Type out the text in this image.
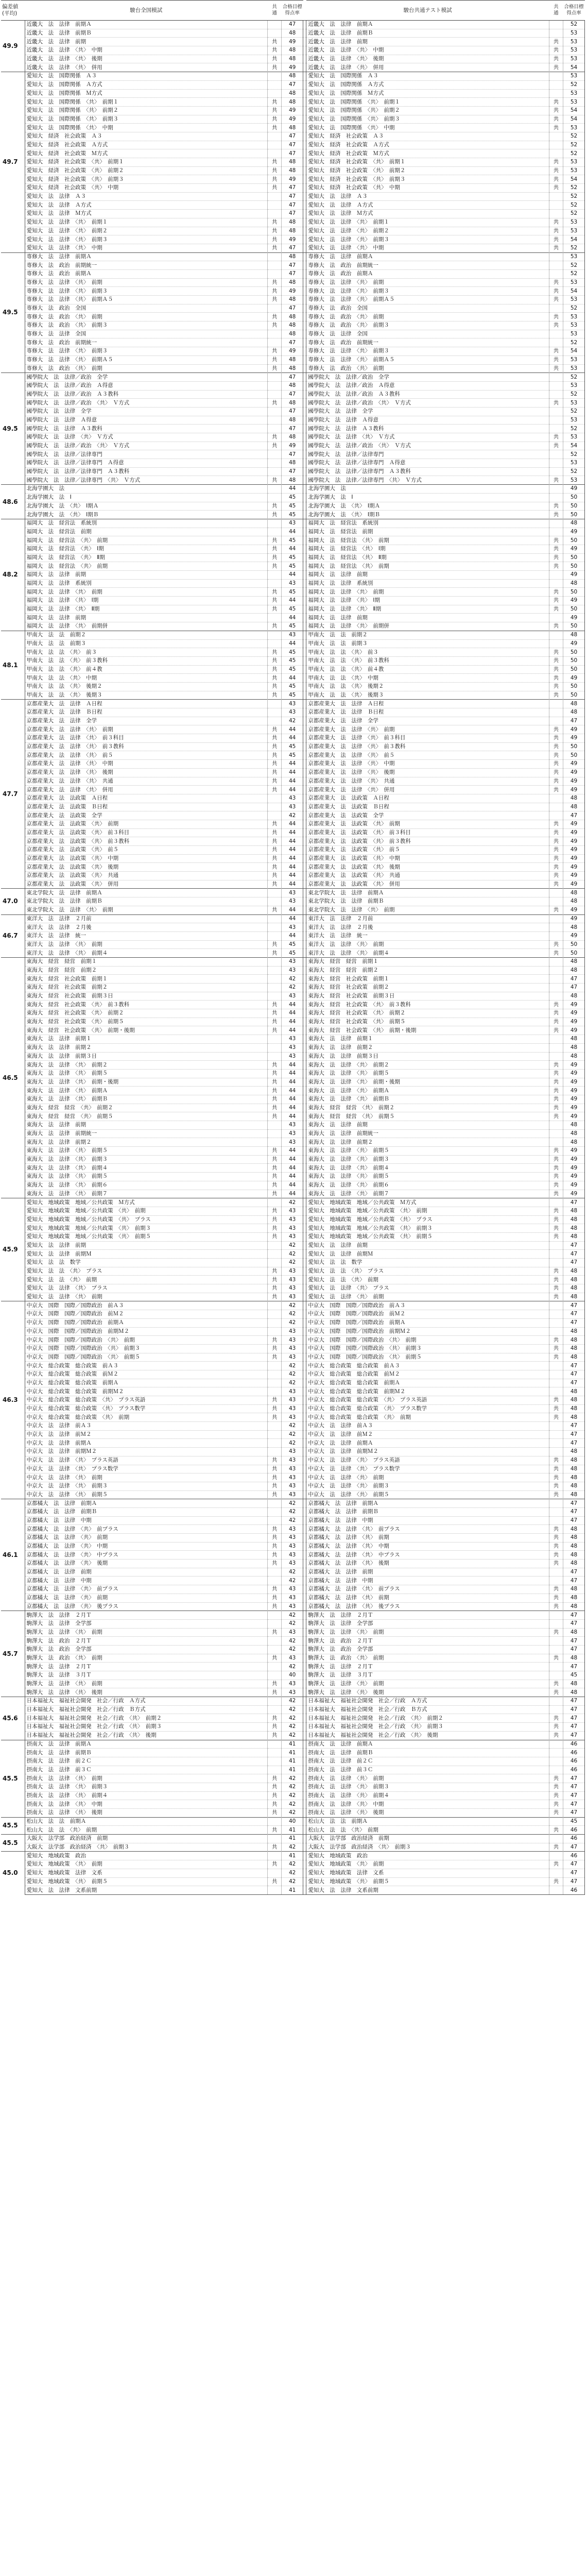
偏差値
(平均)	駿台全国模試	共
通	合格目標
得点率		駿台共通テスト模試	共
通	合格目標
得点率
49.9	近畿大　法　法律　前期Ａ		47		近畿大　法　法律　前期Ａ		52
	近畿大　法　法律　前期Ｂ		48		近畿大　法　法律　前期Ｂ		53
	近畿大　法　法律　前期	共	49		近畿大　法　法律　前期	共	53
	近畿大　法　法律　〈共〉　中期	共	48		近畿大　法　法律　〈共〉　中期	共	53
	近畿大　法　法律　〈共〉　後期	共	48		近畿大　法　法律　〈共〉　後期	共	53
	近畿大　法　法律　〈共〉　併用	共	49		近畿大　法　法律　〈共〉　併用	共	54
49.7	愛知大　法　国際関係　Ａ３		48		愛知大　法　国際関係　Ａ３		53
	愛知大　法　国際関係　Ａ方式		47		愛知大　法　国際関係　Ａ方式		52
	愛知大　法　国際関係　Ｍ方式		48		愛知大　法　国際関係　Ｍ方式		53
	愛知大　法　国際関係　〈共〉　前期１	共	48		愛知大　法　国際関係　〈共〉　前期１	共	53
	愛知大　法　国際関係　〈共〉　前期２	共	49		愛知大　法　国際関係　〈共〉　前期２	共	54
	愛知大　法　国際関係　〈共〉　前期３	共	49		愛知大　法　国際関係　〈共〉　前期３	共	54
	愛知大　法　国際関係　〈共〉　中期	共	48		愛知大　法　国際関係　〈共〉　中期	共	53
	愛知大　経済　社会政策　Ａ３		47		愛知大　経済　社会政策　Ａ３		52
	愛知大　経済　社会政策　Ａ方式		47		愛知大　経済　社会政策　Ａ方式		52
	愛知大　経済　社会政策　Ｍ方式		47		愛知大　経済　社会政策　Ｍ方式		52
	愛知大　経済　社会政策　〈共〉　前期１	共	48		愛知大　経済　社会政策　〈共〉　前期１	共	53
	愛知大　経済　社会政策　〈共〉　前期２	共	48		愛知大　経済　社会政策　〈共〉　前期２	共	53
	愛知大　経済　社会政策　〈共〉　前期３	共	49		愛知大　経済　社会政策　〈共〉　前期３	共	54
	愛知大　経済　社会政策　〈共〉　中期	共	47		愛知大　経済　社会政策　〈共〉　中期	共	52
	愛知大　法　法律　Ａ３		47		愛知大　法　法律　Ａ３		52
	愛知大　法　法律　Ａ方式		47		愛知大　法　法律　Ａ方式		52
	愛知大　法　法律　Ｍ方式		47		愛知大　法　法律　Ｍ方式		52
	愛知大　法　法律　〈共〉　前期１	共	48		愛知大　法　法律　〈共〉　前期１	共	53
	愛知大　法　法律　〈共〉　前期２	共	48		愛知大　法　法律　〈共〉　前期２	共	53
	愛知大　法　法律　〈共〉　前期３	共	49		愛知大　法　法律　〈共〉　前期３	共	54
	愛知大　法　法律　〈共〉　中期	共	47		愛知大　法　法律　〈共〉　中期	共	52
49.5	専修大　法　法律　前期Ａ		48		専修大　法　法律　前期Ａ		53
	専修大　法　政治　前期統一		47		専修大　法　政治　前期統一		52
	専修大　法　政治　前期Ａ		47		専修大　法　政治　前期Ａ		52
	専修大　法　法律　〈共〉　前期	共	48		専修大　法　法律　〈共〉　前期	共	53
	専修大　法　法律　〈共〉　前期３	共	49		専修大　法　法律　〈共〉　前期３	共	54
	専修大　法　法律　〈共〉　前期Ａ５	共	48		専修大　法　法律　〈共〉　前期Ａ５	共	53
	専修大　法　政治　全国		47		専修大　法　政治　全国		52
	専修大　法　政治　〈共〉　前期	共	48		専修大　法　政治　〈共〉　前期	共	53
	専修大　法　政治　〈共〉　前期３	共	48		専修大　法　政治　〈共〉　前期３	共	53
	専修大　法　法律　全国		48		専修大　法　法律　全国		53
	専修大　法　政治　前期統一		47		専修大　法　政治　前期統一		52
	専修大　法　法律　〈共〉　前期３	共	49		専修大　法　法律　〈共〉　前期３	共	54
	専修大　法　法律　〈共〉　前期Ａ５	共	48		専修大　法　法律　〈共〉　前期Ａ５	共	53
	専修大　法　政治　〈共〉　前期	共	48		専修大　法　政治　〈共〉　前期	共	53
49.5	國學院大　法　法律／政治　全学		47		國學院大　法　法律／政治　全学		52
	國學院大　法　法律／政治　Ａ得意		48		國學院大　法　法律／政治　Ａ得意		53
	國學院大　法　法律／政治　Ａ３教科		47		國學院大　法　法律／政治　Ａ３教科		52
	國學院大　法　法律／政治　〈共〉　Ｖ方式	共	48		國學院大　法　法律／政治　〈共〉　Ｖ方式	共	53
	國學院大　法　法律　全学		47		國學院大　法　法律　全学		52
	國學院大　法　法律　Ａ得意		48		國學院大　法　法律　Ａ得意		53
	國學院大　法　法律　Ａ３教科		47		國學院大　法　法律　Ａ３教科		52
	國學院大　法　法律　〈共〉　Ｖ方式	共	48		國學院大　法　法律　〈共〉　Ｖ方式	共	53
	國學院大　法　法律／政治　〈共〉　Ｖ方式	共	49		國學院大　法　法律／政治　〈共〉　Ｖ方式	共	54
	國學院大　法　法律／法律専門		47		國學院大　法　法律／法律専門		52
	國學院大　法　法律／法律専門　Ａ得意		48		國學院大　法　法律／法律専門　Ａ得意		53
	國學院大　法　法律／法律専門　Ａ３教科		47		國學院大　法　法律／法律専門　Ａ３教科		52
	國學院大　法　法律／法律専門　〈共〉　Ｖ方式	共	48		國學院大　法　法律／法律専門　〈共〉　Ｖ方式	共	53
48.6	北海学園大　法		44		北海学園大　法		49
	北海学園大　法　Ⅰ		45		北海学園大　法　Ⅰ		50
	北海学園大　法　〈共〉　Ⅰ期Ａ	共	45		北海学園大　法　〈共〉　Ⅰ期Ａ	共	50
	北海学園大　法　〈共〉　Ⅰ期Ｂ	共	45		北海学園大　法　〈共〉　Ⅰ期Ｂ	共	50
48.2	福岡大　法　経営法　系統別		43		福岡大　法　経営法　系統別		48
	福岡大　法　経営法　前期		44		福岡大　法　経営法　前期		49
	福岡大　法　経営法　〈共〉　前期	共	45		福岡大　法　経営法　〈共〉　前期	共	50
	福岡大　法　経営法　〈共〉　Ⅰ期	共	44		福岡大　法　経営法　〈共〉　Ⅰ期	共	49
	福岡大　法　経営法　〈共〉　Ⅱ期	共	45		福岡大　法　経営法　〈共〉　Ⅱ期	共	50
	福岡大　法　経営法　〈共〉　前期	共	45		福岡大　法　経営法　〈共〉　前期	共	50
	福岡大　法　法律　前期		44		福岡大　法　法律　前期		49
	福岡大　法　法律　系統別		43		福岡大　法　法律　系統別		48
	福岡大　法　法律　〈共〉　前期	共	45		福岡大　法　法律　〈共〉　前期	共	50
	福岡大　法　法律　〈共〉　Ⅰ期	共	44		福岡大　法　法律　〈共〉　Ⅰ期	共	49
	福岡大　法　法律　〈共〉　Ⅱ期	共	45		福岡大　法　法律　〈共〉　Ⅱ期	共	50
	福岡大　法　法律　前期		44		福岡大　法　法律　前期		49
	福岡大　法　法律　〈共〉　前期併	共	45		福岡大　法　法律　〈共〉　前期併	共	50
48.1	甲南大　法　法　前期２		43		甲南大　法　法　前期２		48
	甲南大　法　法　前期３		44		甲南大　法　法　前期３		49
	甲南大　法　法　〈共〉　前３	共	45		甲南大　法　法　〈共〉　前３	共	50
	甲南大　法　法　〈共〉　前３教科	共	45		甲南大　法　法　〈共〉　前３教科	共	50
	甲南大　法　法　〈共〉　前４教	共	45		甲南大　法　法　〈共〉　前４教	共	50
	甲南大　法　法　〈共〉　中期	共	44		甲南大　法　法　〈共〉　中期	共	49
	甲南大　法　法　〈共〉　後期２	共	45		甲南大　法　法　〈共〉　後期２	共	50
	甲南大　法　法　〈共〉　後期３	共	45		甲南大　法　法　〈共〉　後期３	共	50
47.7	京都産業大　法　法律　Ａ日程		43		京都産業大　法　法律　Ａ日程		48
	京都産業大　法　法律　Ｂ日程		43		京都産業大　法　法律　Ｂ日程		48
	京都産業大　法　法律　全学		42		京都産業大　法　法律　全学		47
	京都産業大　法　法律　〈共〉　前期	共	44		京都産業大　法　法律　〈共〉　前期	共	49
	京都産業大　法　法律　〈共〉　前３科目	共	44		京都産業大　法　法律　〈共〉　前３科目	共	49
	京都産業大　法　法律　〈共〉　前３教科	共	45		京都産業大　法　法律　〈共〉　前３教科	共	50
	京都産業大　法　法律　〈共〉　前５	共	45		京都産業大　法　法律　〈共〉　前５	共	50
	京都産業大　法　法律　〈共〉　中期	共	44		京都産業大　法　法律　〈共〉　中期	共	49
	京都産業大　法　法律　〈共〉　後期	共	44		京都産業大　法　法律　〈共〉　後期	共	49
	京都産業大　法　法律　〈共〉　共通	共	44		京都産業大　法　法律　〈共〉　共通	共	49
	京都産業大　法　法律　〈共〉　併用	共	44		京都産業大　法　法律　〈共〉　併用	共	49
	京都産業大　法　法政策　Ａ日程		43		京都産業大　法　法政策　Ａ日程		48
	京都産業大　法　法政策　Ｂ日程		43		京都産業大　法　法政策　Ｂ日程		48
	京都産業大　法　法政策　全学		42		京都産業大　法　法政策　全学		47
	京都産業大　法　法政策　〈共〉　前期	共	44		京都産業大　法　法政策　〈共〉　前期	共	49
	京都産業大　法　法政策　〈共〉　前３科目	共	44		京都産業大　法　法政策　〈共〉　前３科目	共	49
	京都産業大　法　法政策　〈共〉　前３教科	共	44		京都産業大　法　法政策　〈共〉　前３教科	共	49
	京都産業大　法　法政策　〈共〉　前５	共	44		京都産業大　法　法政策　〈共〉　前５	共	49
	京都産業大　法　法政策　〈共〉　中期	共	44		京都産業大　法　法政策　〈共〉　中期	共	49
	京都産業大　法　法政策　〈共〉　後期	共	44		京都産業大　法　法政策　〈共〉　後期	共	49
	京都産業大　法　法政策　〈共〉　共通	共	44		京都産業大　法　法政策　〈共〉　共通	共	49
	京都産業大　法　法政策　〈共〉　併用	共	44		京都産業大　法　法政策　〈共〉　併用	共	49
47.0	東北学院大　法　法律　前期Ａ		43		東北学院大　法　法律　前期Ａ		48
	東北学院大　法　法律　前期Ｂ		43		東北学院大　法　法律　前期Ｂ		48
	東北学院大　法　法律　〈共〉　前期	共	44		東北学院大　法　法律　〈共〉　前期	共	49
46.7	東洋大　法　法律　２月前		44		東洋大　法　法律　２月前		49
	東洋大　法　法律　２月後		43		東洋大　法　法律　２月後		48
	東洋大　法　法律　統一		44		東洋大　法　法律　統一		49
	東洋大　法　法律　〈共〉　前期	共	45		東洋大　法　法律　〈共〉　前期	共	50
	東洋大　法　法律　〈共〉　前期４	共	45		東洋大　法　法律　〈共〉　前期４	共	50
46.5	東海大　経営　経営　前期１		43		東海大　経営　経営　前期１		48
	東海大　経営　経営　前期２		43		東海大　経営　経営　前期２		48
	東海大　経営　社会政策　前期１		42		東海大　経営　社会政策　前期１		47
	東海大　経営　社会政策　前期２		42		東海大　経営　社会政策　前期２		47
	東海大　経営　社会政策　前期３日		43		東海大　経営　社会政策　前期３日		48
	東海大　経営　社会政策　〈共〉　前３教科	共	44		東海大　経営　社会政策　〈共〉　前３教科	共	49
	東海大　経営　社会政策　〈共〉　前期２	共	44		東海大　経営　社会政策　〈共〉　前期２	共	49
	東海大　経営　社会政策　〈共〉　前期５	共	44		東海大　経営　社会政策　〈共〉　前期５	共	49
	東海大　経営　社会政策　〈共〉　前期・後期	共	44		東海大　経営　社会政策　〈共〉　前期・後期	共	49
	東海大　法　法律　前期１		43		東海大　法　法律　前期１		48
	東海大　法　法律　前期２		43		東海大　法　法律　前期２		48
	東海大　法　法律　前期３日		43		東海大　法　法律　前期３日		48
	東海大　法　法律　〈共〉　前期２	共	44		東海大　法　法律　〈共〉　前期２	共	49
	東海大　法　法律　〈共〉　前期５	共	44		東海大　法　法律　〈共〉　前期５	共	49
	東海大　法　法律　〈共〉　前期・後期	共	44		東海大　法　法律　〈共〉　前期・後期	共	49
	東海大　法　法律　〈共〉　前期Ａ	共	44		東海大　法　法律　〈共〉　前期Ａ	共	49
	東海大　法　法律　〈共〉　前期Ｂ	共	44		東海大　法　法律　〈共〉　前期Ｂ	共	49
	東海大　経営　経営　〈共〉　前期２	共	44		東海大　経営　経営　〈共〉　前期２	共	49
	東海大　経営　経営　〈共〉　前期５	共	44		東海大　経営　経営　〈共〉　前期５	共	49
	東海大　法　法律　前期		43		東海大　法　法律　前期		48
	東海大　法　法律　前期統一		43		東海大　法　法律　前期統一		48
	東海大　法　法律　前期２		43		東海大　法　法律　前期２		48
	東海大　法　法律　〈共〉　前期５	共	44		東海大　法　法律　〈共〉　前期５	共	49
	東海大　法　法律　〈共〉　前期３	共	44		東海大　法　法律　〈共〉　前期３	共	49
	東海大　法　法律　〈共〉　前期４	共	44		東海大　法　法律　〈共〉　前期４	共	49
	東海大　法　法律　〈共〉　前期５	共	44		東海大　法　法律　〈共〉　前期５	共	49
	東海大　法　法律　〈共〉　前期６	共	44		東海大　法　法律　〈共〉　前期６	共	49
	東海大　法　法律　〈共〉　前期７	共	44		東海大　法　法律　〈共〉　前期７	共	49
45.9	愛知大　地域政策　地域／公共政策　Ｍ方式		42		愛知大　地域政策　地域／公共政策　Ｍ方式		47
	愛知大　地域政策　地域／公共政策　〈共〉　前期	共	43		愛知大　地域政策　地域／公共政策　〈共〉　前期	共	48
	愛知大　地域政策　地域／公共政策　〈共〉　プラス	共	43		愛知大　地域政策　地域／公共政策　〈共〉　プラス	共	48
	愛知大　地域政策　地域／公共政策　〈共〉　前期３	共	43		愛知大　地域政策　地域／公共政策　〈共〉　前期３	共	48
	愛知大　地域政策　地域／公共政策　〈共〉　前期５	共	43		愛知大　地域政策　地域／公共政策　〈共〉　前期５	共	48
	愛知大　法　法律　前期		42		愛知大　法　法律　前期		47
	愛知大　法　法律　前期Ｍ		42		愛知大　法　法律　前期Ｍ		47
	愛知大　法　法　数学		42		愛知大　法　法　数学		47
	愛知大　法　法　〈共〉　プラス	共	43		愛知大　法　法　〈共〉　プラス	共	48
	愛知大　法　法　〈共〉　前期	共	43		愛知大　法　法　〈共〉　前期	共	48
	愛知大　法　法律　〈共〉　プラス	共	43		愛知大　法　法律　〈共〉　プラス	共	48
	愛知大　法　法律　〈共〉　前期	共	43		愛知大　法　法律　〈共〉　前期	共	48
46.3	中京大　国際　国際／国際政治　前Ａ３		42		中京大　国際　国際／国際政治　前Ａ３		47
	中京大　国際　国際／国際政治　前Ｍ２		42		中京大　国際　国際／国際政治　前Ｍ２		47
	中京大　国際　国際／国際政治　前期Ａ		42		中京大　国際　国際／国際政治　前期Ａ		47
	中京大　国際　国際／国際政治　前期Ｍ２		43		中京大　国際　国際／国際政治　前期Ｍ２		48
	中京大　国際　国際／国際政治　〈共〉　前期	共	43		中京大　国際　国際／国際政治　〈共〉　前期	共	48
	中京大　国際　国際／国際政治　〈共〉　前期３	共	43		中京大　国際　国際／国際政治　〈共〉　前期３	共	48
	中京大　国際　国際／国際政治　〈共〉　前期５	共	43		中京大　国際　国際／国際政治　〈共〉　前期５	共	48
	中京大　総合政策　総合政策　前Ａ３		42		中京大　総合政策　総合政策　前Ａ３		47
	中京大　総合政策　総合政策　前Ｍ２		42		中京大　総合政策　総合政策　前Ｍ２		47
	中京大　総合政策　総合政策　前期Ａ		42		中京大　総合政策　総合政策　前期Ａ		47
	中京大　総合政策　総合政策　前期Ｍ２		43		中京大　総合政策　総合政策　前期Ｍ２		48
	中京大　総合政策　総合政策　〈共〉　プラス英語	共	43		中京大　総合政策　総合政策　〈共〉　プラス英語	共	48
	中京大　総合政策　総合政策　〈共〉　プラス数学	共	43		中京大　総合政策　総合政策　〈共〉　プラス数学	共	48
	中京大　総合政策　総合政策　〈共〉　前期	共	43		中京大　総合政策　総合政策　〈共〉　前期	共	48
	中京大　法　法律　前Ａ３		42		中京大　法　法律　前Ａ３		47
	中京大　法　法律　前Ｍ２		42		中京大　法　法律　前Ｍ２		47
	中京大　法　法律　前期Ａ		42		中京大　法　法律　前期Ａ		47
	中京大　法　法律　前期Ｍ２		43		中京大　法　法律　前期Ｍ２		48
	中京大　法　法律　〈共〉　プラス英語	共	43		中京大　法　法律　〈共〉　プラス英語	共	48
	中京大　法　法律　〈共〉　プラス数学	共	43		中京大　法　法律　〈共〉　プラス数学	共	48
	中京大　法　法律　〈共〉　前期	共	43		中京大　法　法律　〈共〉　前期	共	48
	中京大　法　法律　〈共〉　前期３	共	43		中京大　法　法律　〈共〉　前期３	共	48
	中京大　法　法律　〈共〉　前期５	共	43		中京大　法　法律　〈共〉　前期５	共	48
46.1	京都橘大　法　法律　前期Ａ		42		京都橘大　法　法律　前期Ａ		47
	京都橘大　法　法律　前期Ｂ		42		京都橘大　法　法律　前期Ｂ		47
	京都橘大　法　法律　中期		42		京都橘大　法　法律　中期		47
	京都橘大　法　法律　〈共〉　前プラス	共	43		京都橘大　法　法律　〈共〉　前プラス	共	48
	京都橘大　法　法律　〈共〉　前期	共	43		京都橘大　法　法律　〈共〉　前期	共	48
	京都橘大　法　法律　〈共〉　中期	共	43		京都橘大　法　法律　〈共〉　中期	共	48
	京都橘大　法　法律　〈共〉　中プラス	共	43		京都橘大　法　法律　〈共〉　中プラス	共	48
	京都橘大　法　法律　〈共〉　後期	共	43		京都橘大　法　法律　〈共〉　後期	共	48
	京都橘大　法　法律　前期		42		京都橘大　法　法律　前期		47
	京都橘大　法　法律　中期		42		京都橘大　法　法律　中期		47
	京都橘大　法　法律　〈共〉　前プラス	共	43		京都橘大　法　法律　〈共〉　前プラス	共	48
	京都橘大　法　法律　〈共〉　前期	共	43		京都橘大　法　法律　〈共〉　前期	共	48
	京都橘大　法　法律　〈共〉　後プラス	共	43		京都橘大　法　法律　〈共〉　後プラス	共	48
45.7	駒澤大　法　法律　２月Ｔ		42		駒澤大　法　法律　２月Ｔ		47
	駒澤大　法　法律　全学部		42		駒澤大　法　法律　全学部		47
	駒澤大　法　法律　〈共〉　前期	共	43		駒澤大　法　法律　〈共〉　前期	共	48
	駒澤大　法　政治　２月Ｔ		42		駒澤大　法　政治　２月Ｔ		47
	駒澤大　法　政治　全学部		42		駒澤大　法　政治　全学部		47
	駒澤大　法　政治　〈共〉　前期	共	43		駒澤大　法　政治　〈共〉　前期	共	48
	駒澤大　法　法律　２月Ｔ		42		駒澤大　法　法律　２月Ｔ		47
	駒澤大　法　法律　３月Ｔ		40		駒澤大　法　法律　３月Ｔ		45
	駒澤大　法　法律　〈共〉　前期	共	43		駒澤大　法　法律　〈共〉　前期	共	48
	駒澤大　法　法律　〈共〉　後期	共	43		駒澤大　法　法律　〈共〉　後期	共	48
45.6	日本福祉大　福祉社会開発　社会／行政　Ａ方式		42		日本福祉大　福祉社会開発　社会／行政　Ａ方式		47
	日本福祉大　福祉社会開発　社会／行政　Ｂ方式		42		日本福祉大　福祉社会開発　社会／行政　Ｂ方式		47
	日本福祉大　福祉社会開発　社会／行政　〈共〉　前期２	共	42		日本福祉大　福祉社会開発　社会／行政　〈共〉　前期２	共	47
	日本福祉大　福祉社会開発　社会／行政　〈共〉　前期３	共	42		日本福祉大　福祉社会開発　社会／行政　〈共〉　前期３	共	47
	日本福祉大　福祉社会開発　社会／行政　〈共〉　後期	共	42		日本福祉大　福祉社会開発　社会／行政　〈共〉　後期	共	47
45.5	摂南大　法　法律　前期Ａ		41		摂南大　法　法律　前期Ａ		46
	摂南大　法　法律　前期Ｂ		41		摂南大　法　法律　前期Ｂ		46
	摂南大　法　法律　前２Ｃ		41		摂南大　法　法律　前２Ｃ		46
	摂南大　法　法律　前３Ｃ		41		摂南大　法　法律　前３Ｃ		46
	摂南大　法　法律　〈共〉　前期	共	42		摂南大　法　法律　〈共〉　前期	共	47
	摂南大　法　法律　〈共〉　前期３	共	42		摂南大　法　法律　〈共〉　前期３	共	47
	摂南大　法　法律　〈共〉　前期４	共	42		摂南大　法　法律　〈共〉　前期４	共	47
	摂南大　法　法律　〈共〉　中期	共	42		摂南大　法　法律　〈共〉　中期	共	47
	摂南大　法　法律　〈共〉　後期	共	42		摂南大　法　法律　〈共〉　後期	共	47
45.5	松山大　法　法　前期Ａ		40		松山大　法　法　前期Ａ		45
	松山大　法　法　〈共〉　前期	共	41		松山大　法　法　〈共〉　前期	共	46
45.5	大阪大　法学部　政治経済　前期		41		大阪大　法学部　政治経済　前期		46
	大阪大　法学部　政治経済　〈共〉　前期３	共	42		大阪大　法学部　政治経済　〈共〉　前期３	共	47
45.0	愛知大　地域政策　政治		41		愛知大　地域政策　政治		46
	愛知大　地域政策　〈共〉　前期	共	42		愛知大　地域政策　〈共〉　前期	共	47
	愛知大　地域政策　法律　文系		42		愛知大　地域政策　法律　文系		47
	愛知大　地域政策　〈共〉　前期５	共	42		愛知大　地域政策　〈共〉　前期５	共	47
	愛知大　法　法律　文系前期		41		愛知大　法　法律　文系前期		46
